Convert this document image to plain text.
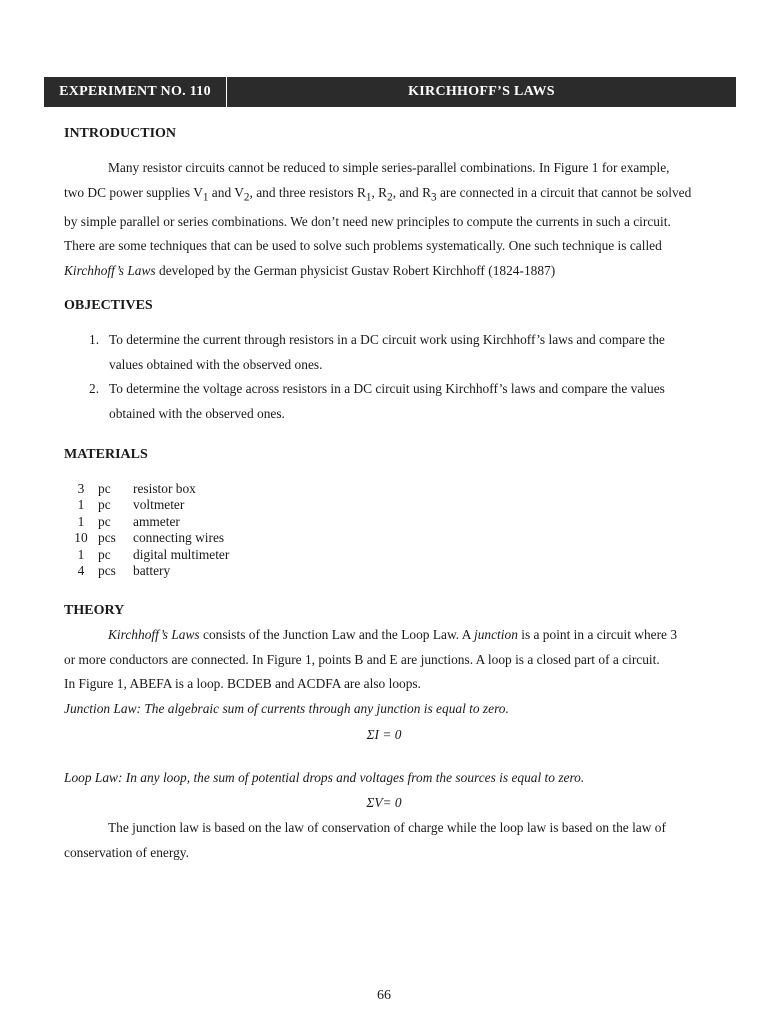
EXPERIMENT NO. 110	KIRCHHOFF’S LAWS
INTRODUCTION
Many resistor circuits cannot be reduced to simple series-parallel combinations. In Figure 1 for example,
two DC power supplies $V_1$ and $V_2$, and three resistors $R_1$, $R_2$, and $R_3$ are connected in a circuit that cannot be solved
by simple parallel or series combinations. We don’t need new principles to compute the currents in such a circuit.
There are some techniques that can be used to solve such problems systematically. One such technique is called
Kirchhoff’s Laws developed by the German physicist Gustav Robert Kirchhoff (1824-1887)
OBJECTIVES
1. To determine the current through resistors in a DC circuit work using Kirchhoff’s laws and compare the
values obtained with the observed ones.
2. To determine the voltage across resistors in a DC circuit using Kirchhoff’s laws and compare the values
obtained with the observed ones.
MATERIALS
3	pc	resistor box
1	pc	voltmeter
1	pc	ammeter
10 pcs	connecting wires
1	pc	digital multimeter
4	pcs	battery
THEORY
Kirchhoff’s Laws consists of the Junction Law and the Loop Law. A junction is a point in a circuit where 3
or more conductors are connected. In Figure 1, points B and E are junctions. A loop is a closed part of a circuit.
In Figure 1, ABEFA is a loop. BCDEB and ACDFA are also loops.
Junction Law: The algebraic sum of currents through any junction is equal to zero.
ΣI = 0
Loop Law: In any loop, the sum of potential drops and voltages from the sources is equal to zero.
ΣV= 0
The junction law is based on the law of conservation of charge while the loop law is based on the law of
conservation of energy.
66
